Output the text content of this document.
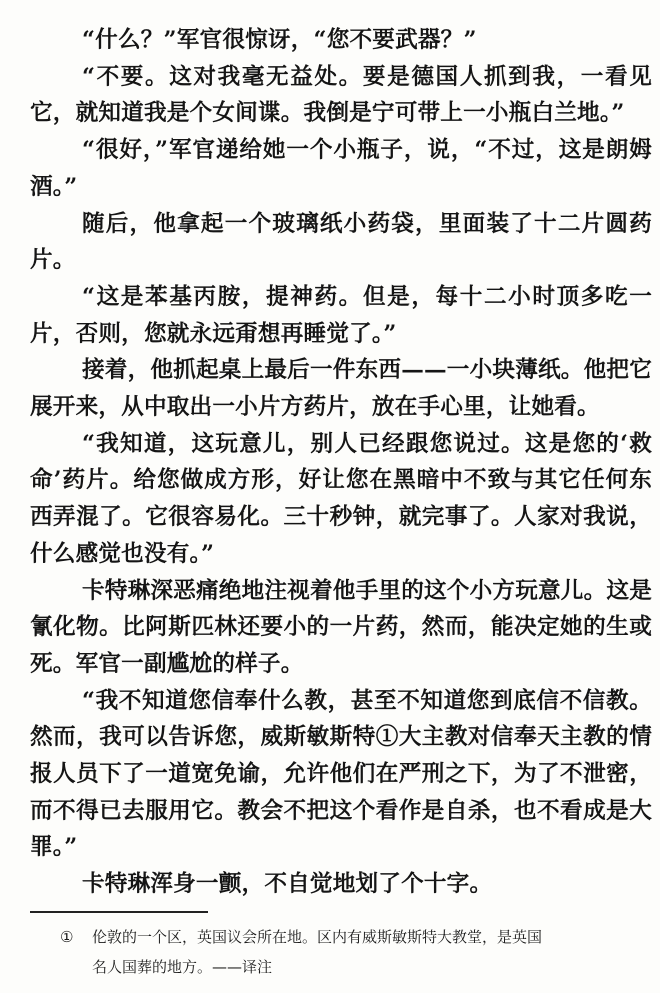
“什么？”军官很惊讶，“您不要武器？”

“不要。这对我毫无益处。要是德国人抓到我，一看见它，就知道我是个女间谍。我倒是宁可带上一小瓶白兰地。”

“很好，”军官递给她一个小瓶子，说，“不过，这是朗姆酒。”

随后，他拿起一个玻璃纸小药袋，里面装了十二片圆药片。

“这是苯基丙胺，提神药。但是，每十二小时顶多吃一片，否则，您就永远甭想再睡觉了。”

接着，他抓起桌上最后一件东西——一小块薄纸。他把它展开来，从中取出一小片方药片，放在手心里，让她看。

“我知道，这玩意儿，别人已经跟您说过。这是您的‘救命’药片。给您做成方形，好让您在黑暗中不致与其它任何东西弄混了。它很容易化。三十秒钟，就完事了。人家对我说，什么感觉也没有。”

卡特琳深恶痛绝地注视着他手里的这个小方玩意儿。这是氰化物。比阿斯匹林还要小的一片药，然而，能决定她的生或死。军官一副尴尬的样子。

“我不知道您信奉什么教，甚至不知道您到底信不信教。然而，我可以告诉您，威斯敏斯特①大主教对信奉天主教的情报人员下了一道宽免谕，允许他们在严刑之下，为了不泄密，而不得已去服用它。教会不把这个看作是自杀，也不看成是大罪。”

卡特琳浑身一颤，不自觉地划了个十字。

① 伦敦的一个区，英国议会所在地。区内有威斯敏斯特大教堂，是英国
名人国葬的地方。——译注
